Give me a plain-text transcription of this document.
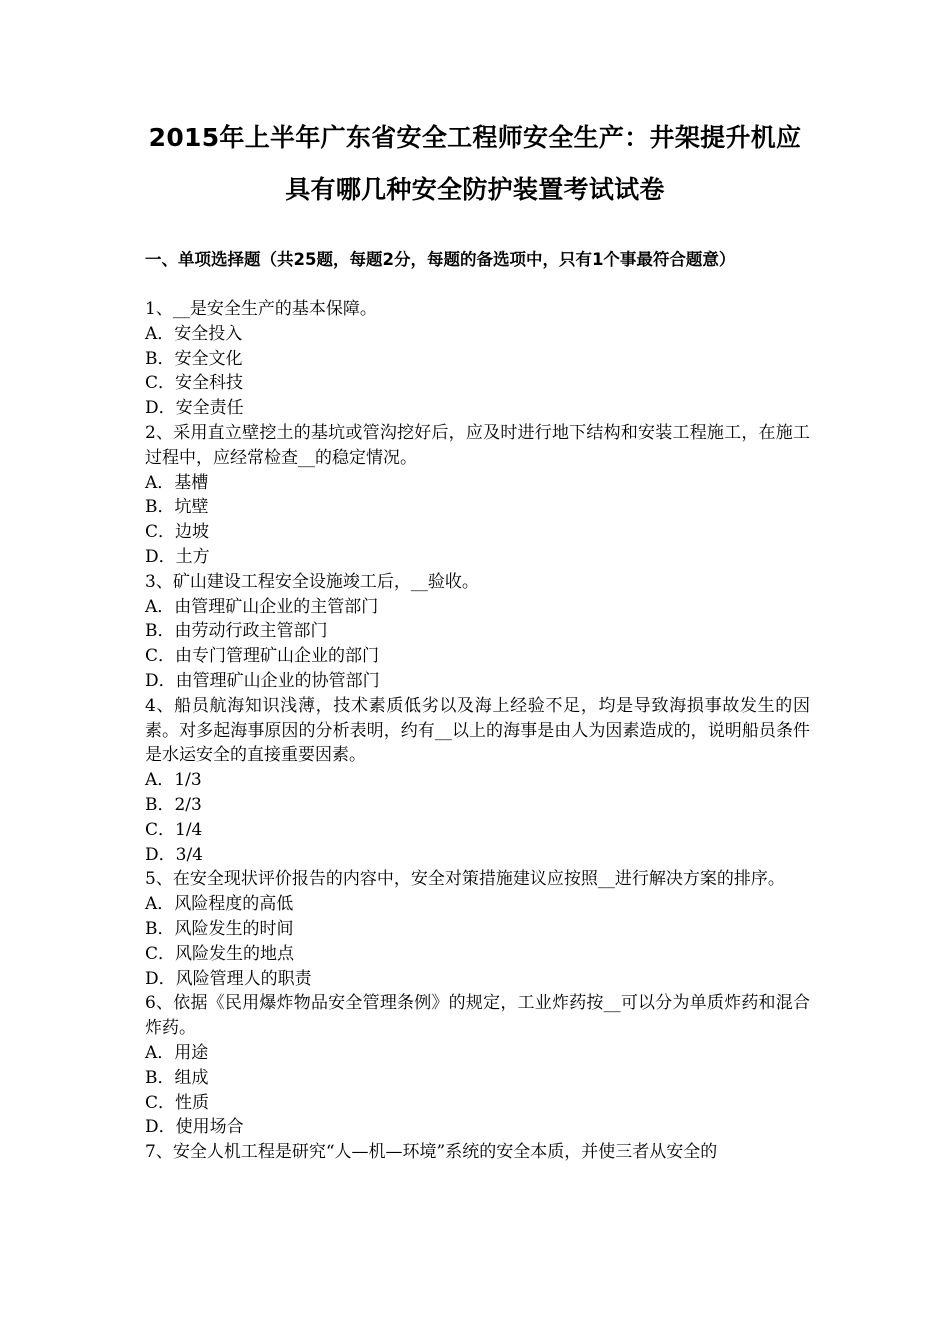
2015年上半年广东省安全工程师安全生产：井架提升机应
具有哪几种安全防护装置考试试卷
一、单项选择题（共25题，每题2分，每题的备选项中，只有1个事最符合题意）

1、__是安全生产的基本保障。

A．安全投入

B．安全文化

C．安全科技

D．安全责任

2、采用直立壁挖土的基坑或管沟挖好后，应及时进行地下结构和安装工程施工，在施工过程中，应经常检查__的稳定情况。

A．基槽

B．坑壁

C．边坡

D．土方

3、矿山建设工程安全设施竣工后，__验收。

A．由管理矿山企业的主管部门

B．由劳动行政主管部门

C．由专门管理矿山企业的部门

D．由管理矿山企业的协管部门

4、船员航海知识浅薄，技术素质低劣以及海上经验不足，均是导致海损事故发生的因素。对多起海事原因的分析表明，约有__以上的海事是由人为因素造成的，说明船员条件是水运安全的直接重要因素。

A．1/3

B．2/3

C．1/4

D．3/4

5、在安全现状评价报告的内容中，安全对策措施建议应按照__进行解决方案的排序。

A．风险程度的高低

B．风险发生的时间

C．风险发生的地点

D．风险管理人的职责

6、依据《民用爆炸物品安全管理条例》的规定，工业炸药按__可以分为单质炸药和混合炸药。

A．用途

B．组成

C．性质

D．使用场合

7、安全人机工程是研究“人—机—环境”系统的安全本质，并使三者从安全的
